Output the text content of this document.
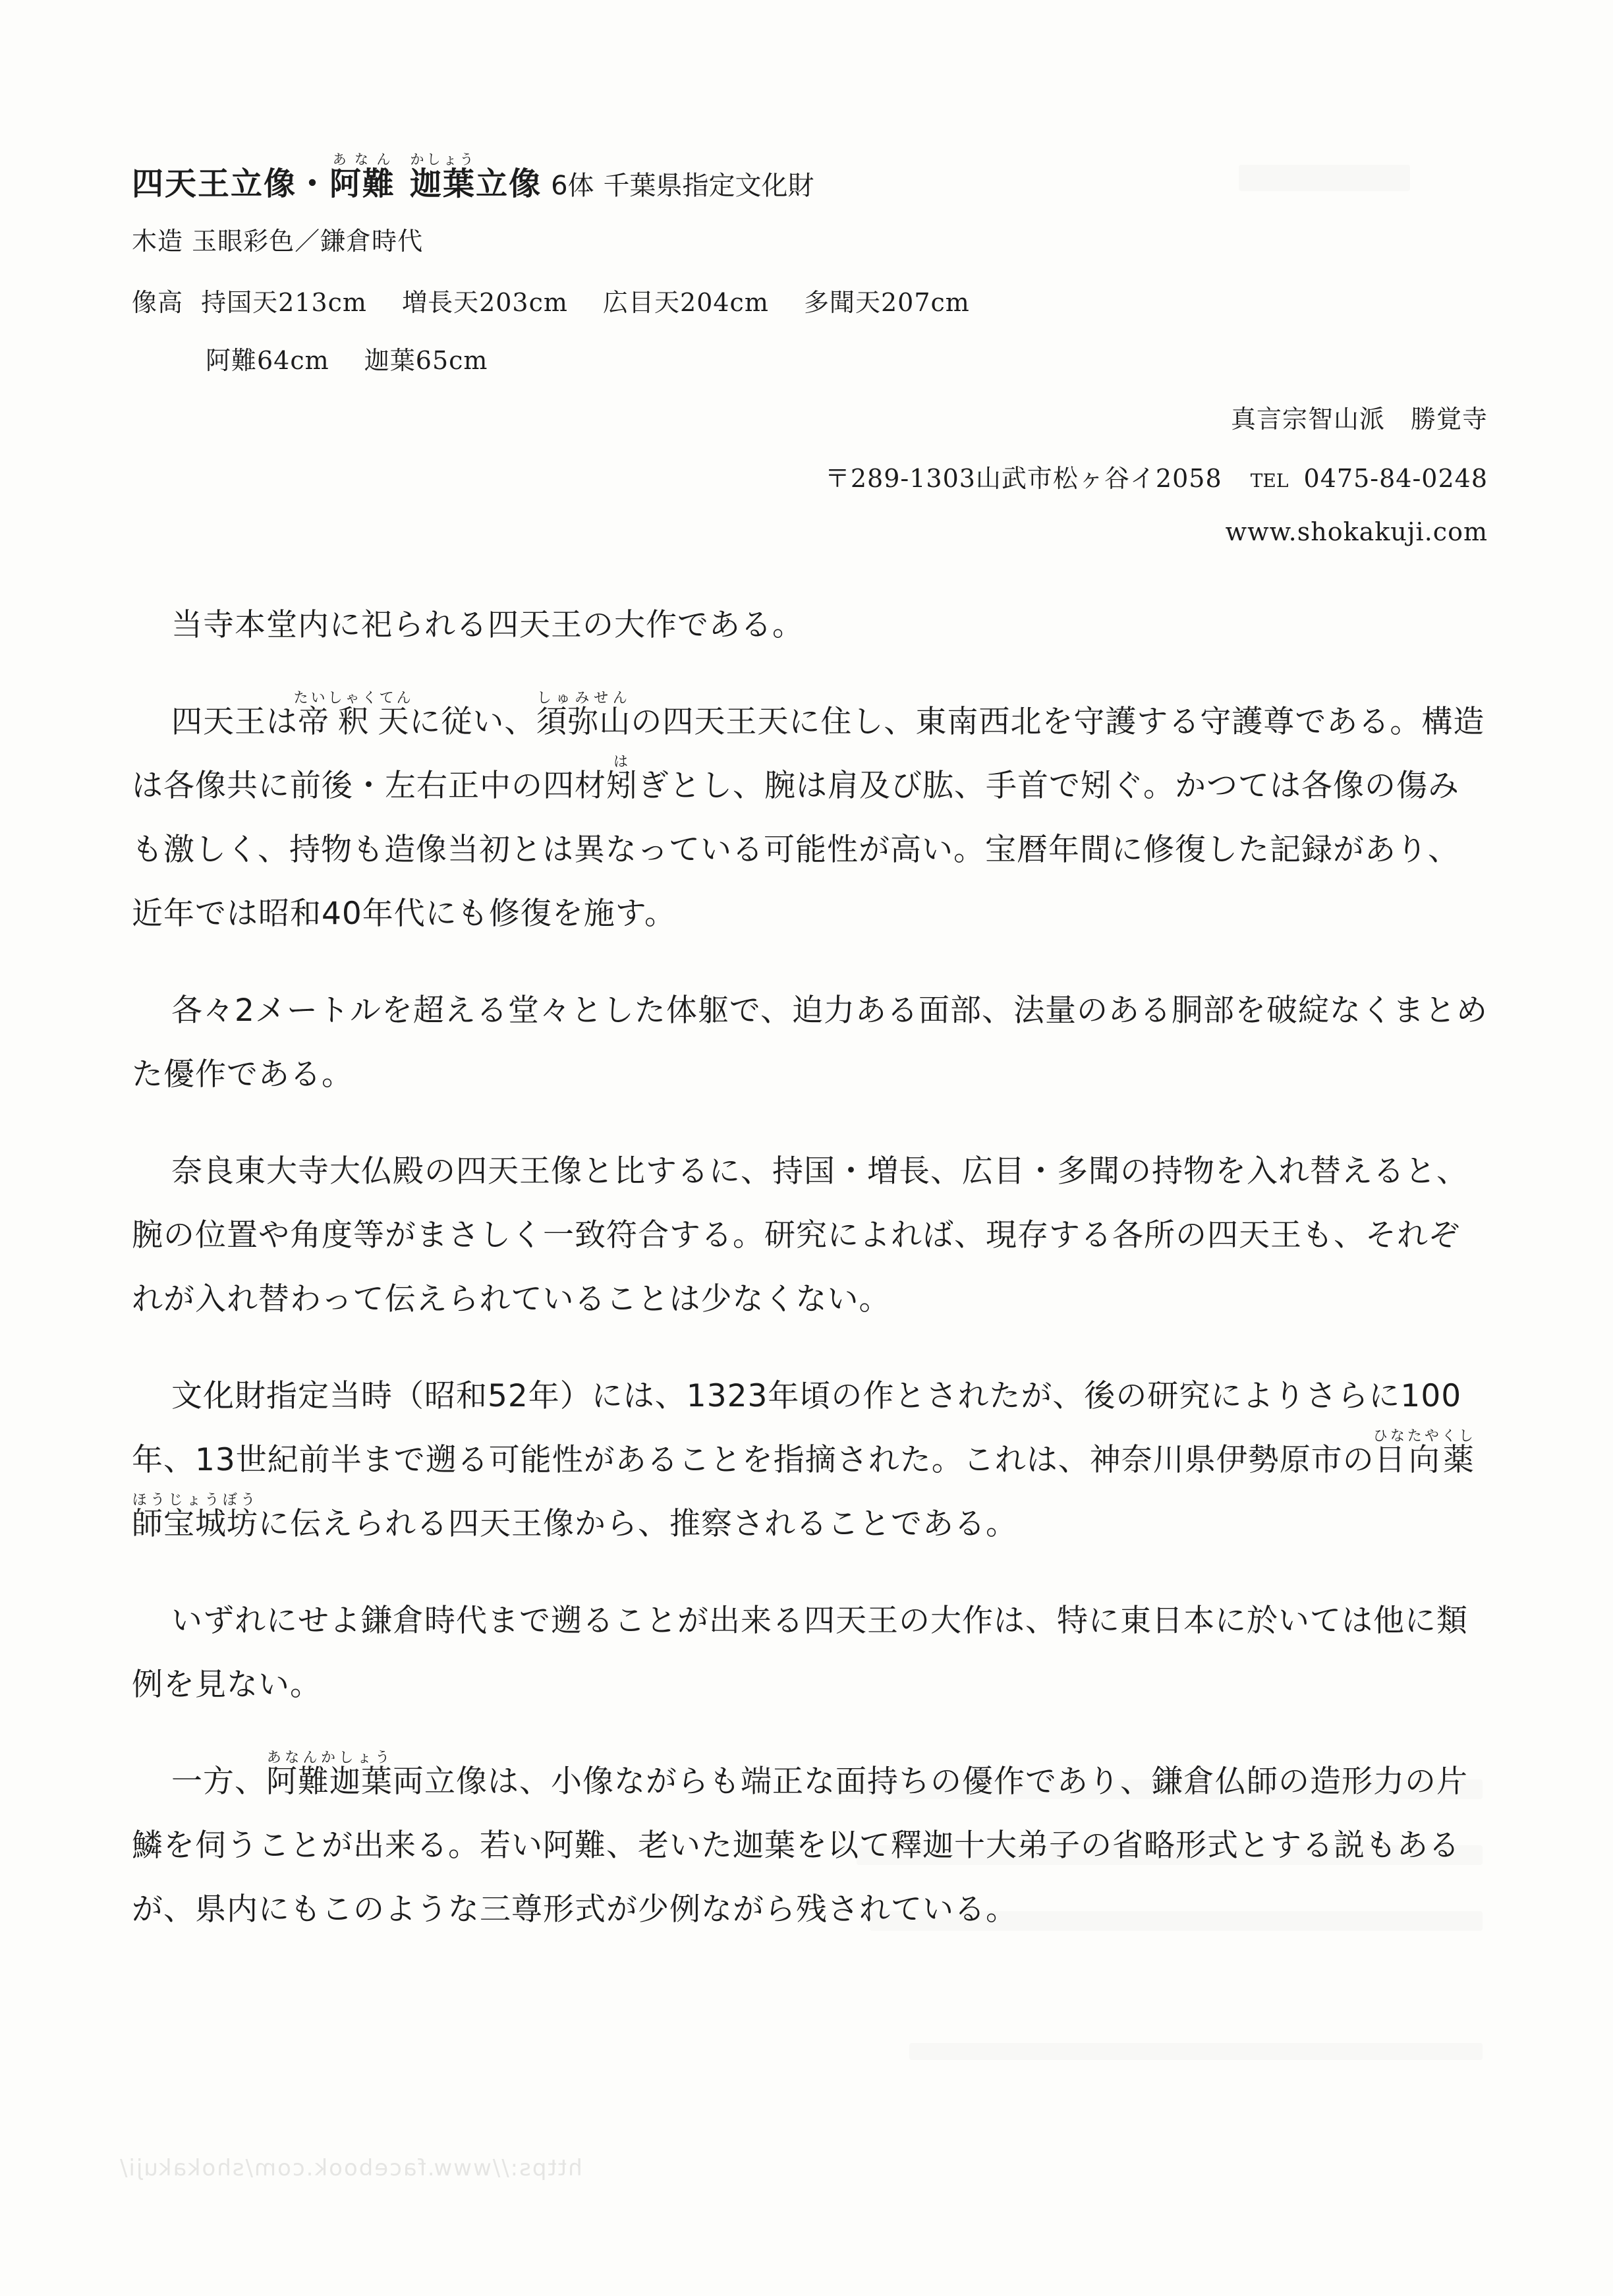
四天王立像 ・ 阿難あなん
迦葉かしょう
立像 6体 千葉県指定文化財
木造 玉眼彩色／鎌倉時代
像高 持国天213cm 増長天203cm 広目天204cm 多聞天207cm
阿難64cm 迦葉65cm
真言宗智山派　勝覚寺
〒289-1303山武市松ヶ谷イ2058 TEL 0475-84-0248
www.shokakuji.com

当寺本堂内に祀られる四天王の大作である。

四天王は帝釈天たいしゃくてんに従い、須弥山しゅみせんの四天王天に住し、東南西北を守護する守護尊である。構造は各像共に前後・左右正中の四材矧はぎとし、腕は肩及び肱、手首で矧ぐ。かつては各像の傷みも激しく、持物も造像当初とは異なっている可能性が高い。宝暦年間に修復した記録があり、近年では昭和40年代にも修復を施す。

各々2メートルを超える堂々とした体躯で、迫力ある面部、法量のある胴部を破綻なくまとめた優作である。

奈良東大寺大仏殿の四天王像と比するに、持国・増長、広目・多聞の持物を入れ替えると、腕の位置や角度等がまさしく一致符合する。研究によれば、現存する各所の四天王も、それぞれが入れ替わって伝えられていることは少なくない。

文化財指定当時（昭和52年）には、1323年頃の作とされたが、後の研究によりさらに100年、13世紀前半まで遡る可能性があることを指摘された。これは、神奈川県伊勢原市の日向薬師宝城坊ひなたやくしほうじょうぼうに伝えられる四天王像から、推察されることである。

いずれにせよ鎌倉時代まで遡ることが出来る四天王の大作は、特に東日本に於いては他に類例を見ない。

一方、阿難迦葉あなんかしょう両立像は、小像ながらも端正な面持ちの優作であり、鎌倉仏師の造形力の片鱗を伺うことが出来る。若い阿難、老いた迦葉を以て釋迦十大弟子の省略形式とする説もあるが、県内にもこのような三尊形式が少例ながら残されている。

https://www.facebook.com/shokakuji/
